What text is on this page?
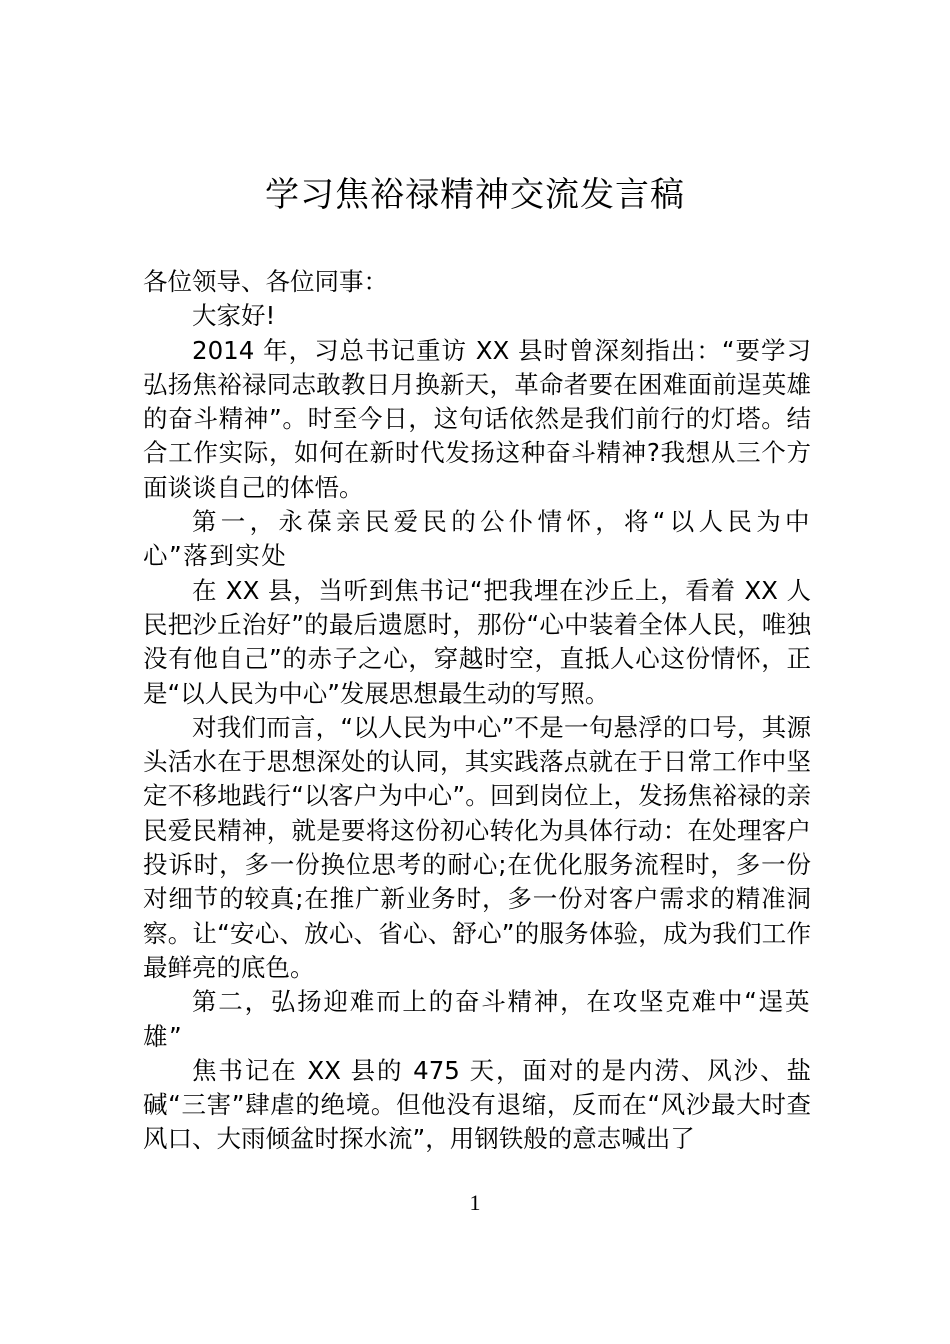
学习焦裕禄精神交流发言稿

各位领导、各位同事：

大家好!

2014 年，习总书记重访 XX 县时曾深刻指出：“要学习弘扬焦裕禄同志敢教日月换新天，革命者要在困难面前逞英雄的奋斗精神”。时至今日，这句话依然是我们前行的灯塔。结合工作实际，如何在新时代发扬这种奋斗精神?我想从三个方面谈谈自己的体悟。

第一，永葆亲民爱民的公仆情怀，将“以人民为中心”落到实处

在 XX 县，当听到焦书记“把我埋在沙丘上，看着 XX 人民把沙丘治好”的最后遗愿时，那份“心中装着全体人民，唯独没有他自己”的赤子之心，穿越时空，直抵人心这份情怀，正是“以人民为中心”发展思想最生动的写照。

对我们而言，“以人民为中心”不是一句悬浮的口号，其源头活水在于思想深处的认同，其实践落点就在于日常工作中坚定不移地践行“以客户为中心”。回到岗位上，发扬焦裕禄的亲民爱民精神，就是要将这份初心转化为具体行动：在处理客户投诉时，多一份换位思考的耐心;在优化服务流程时，多一份对细节的较真;在推广新业务时，多一份对客户需求的精准洞察。让“安心、放心、省心、舒心”的服务体验，成为我们工作最鲜亮的底色。

第二，弘扬迎难而上的奋斗精神，在攻坚克难中“逞英雄”

焦书记在 XX 县的 475 天，面对的是内涝、风沙、盐碱“三害”肆虐的绝境。但他没有退缩，反而在“风沙最大时查风口、大雨倾盆时探水流”，用钢铁般的意志喊出了

1
